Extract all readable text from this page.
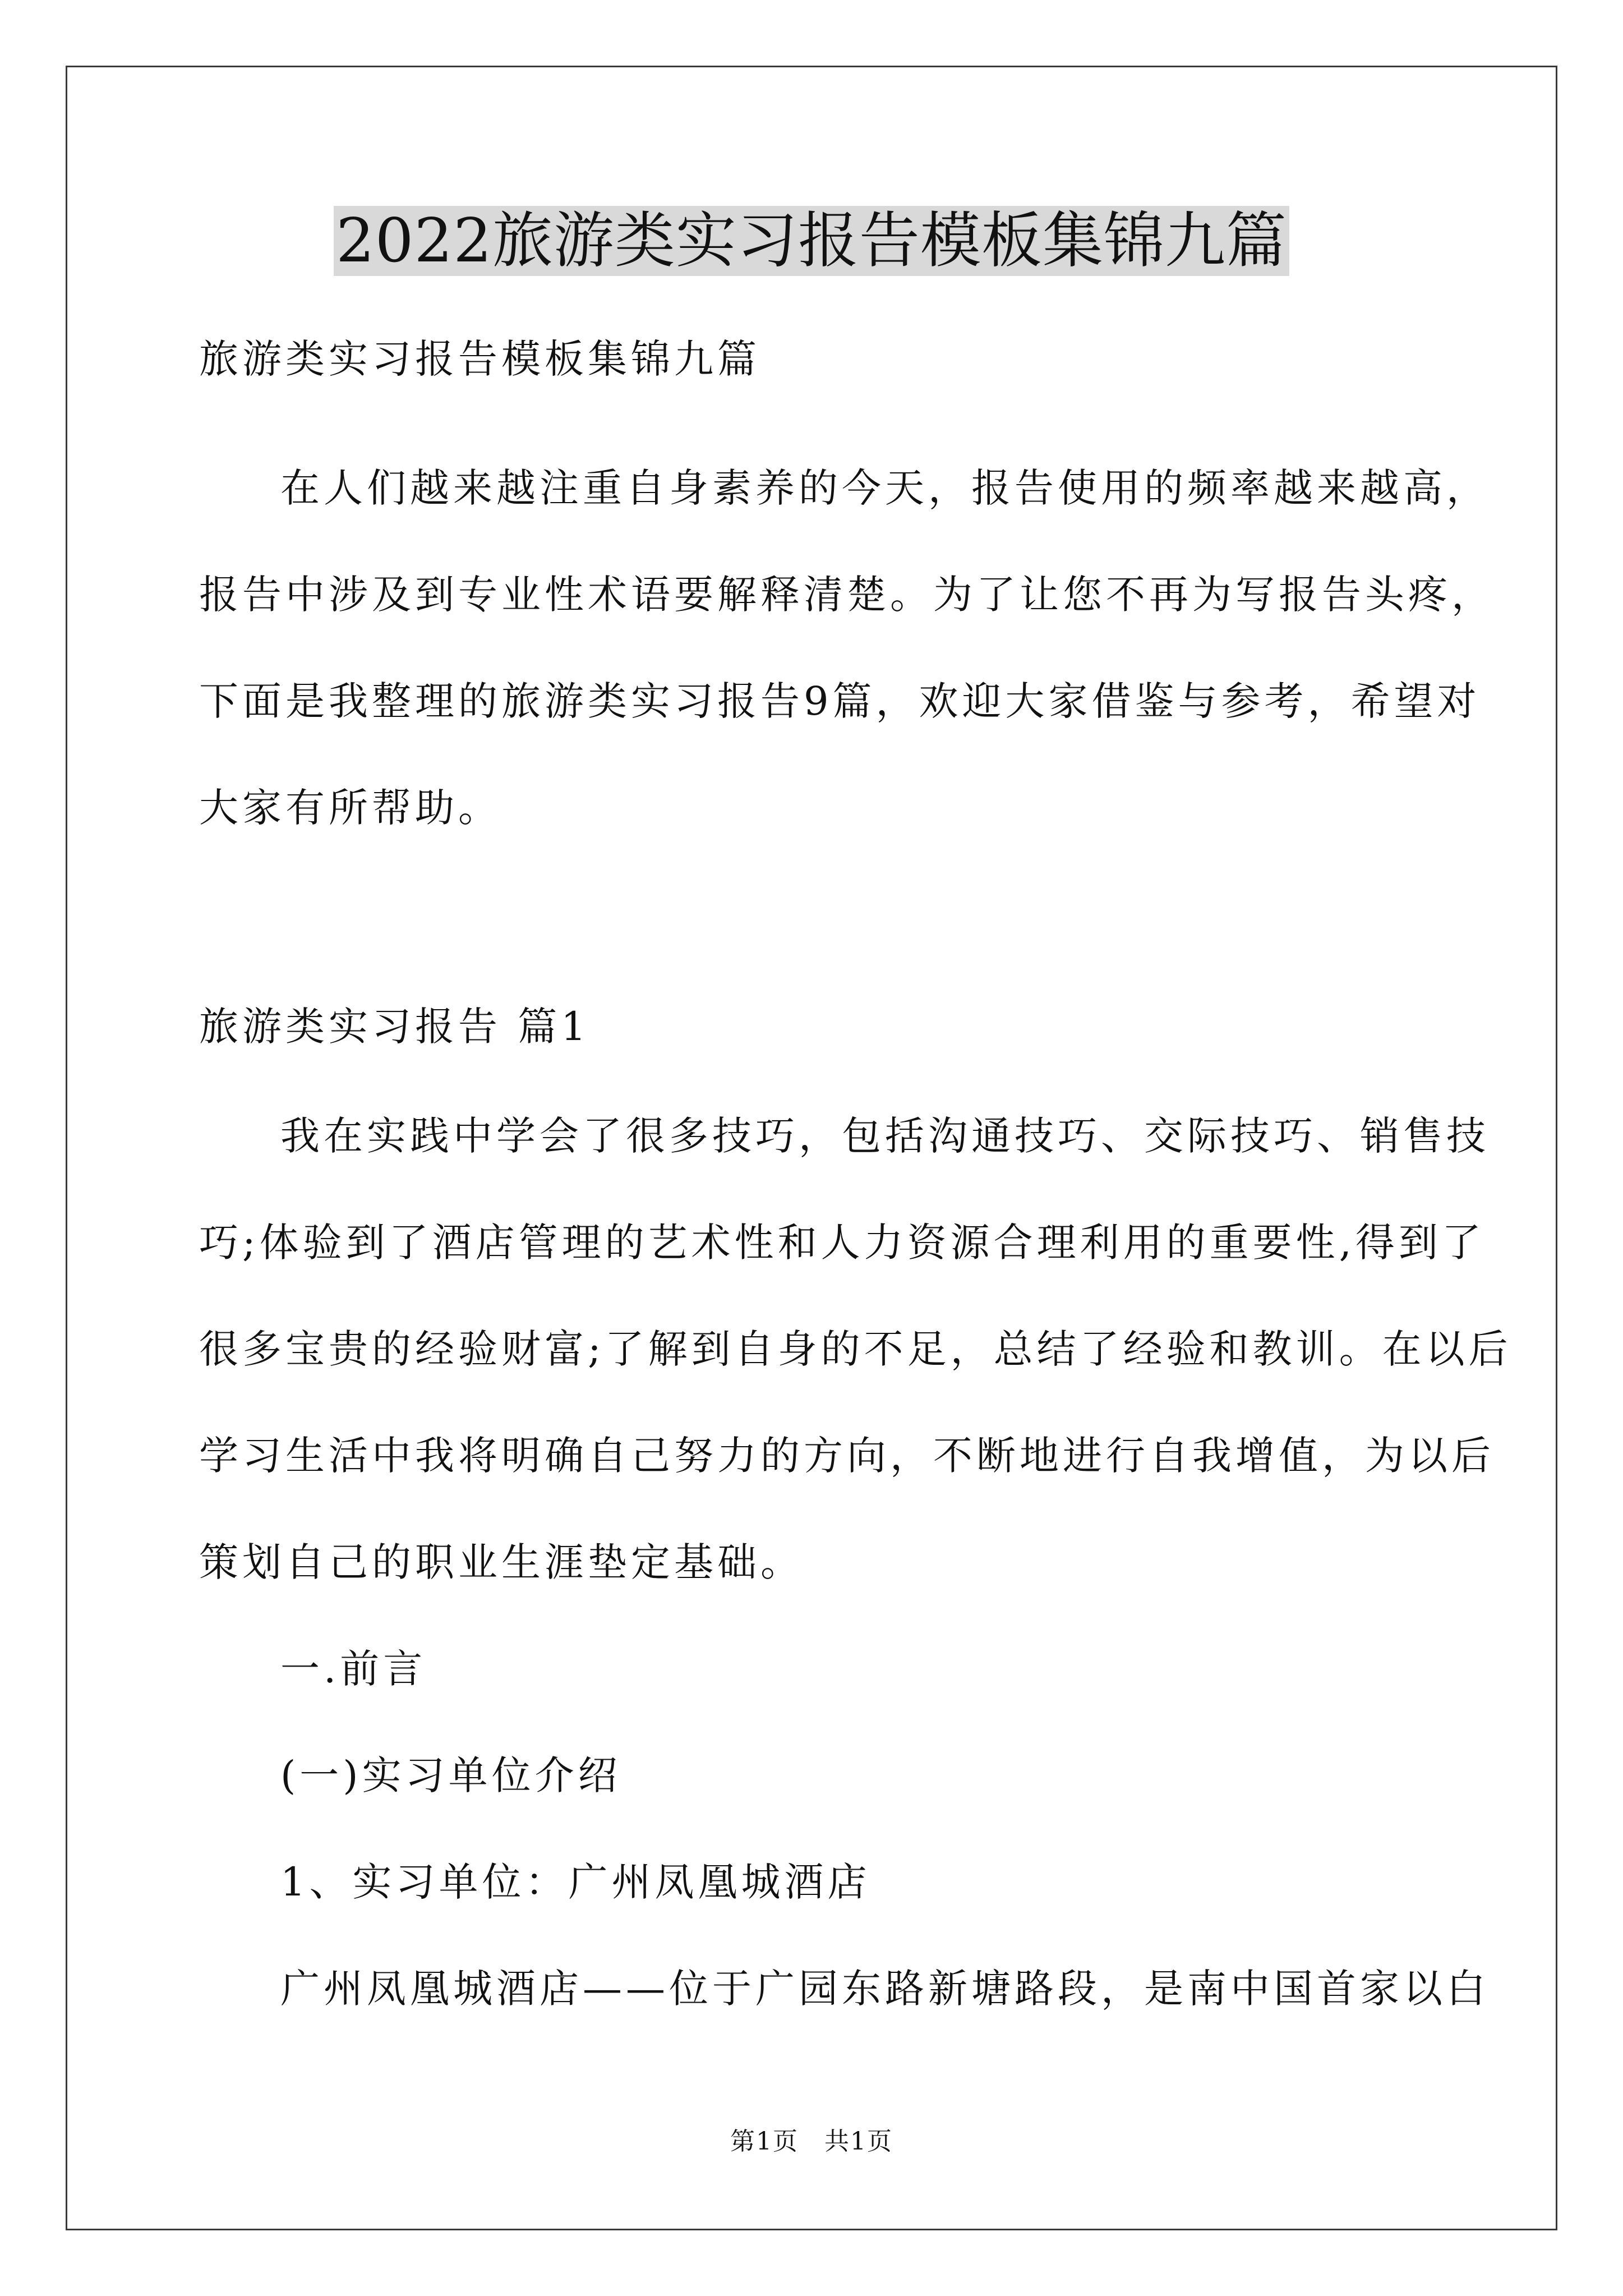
2022旅游类实习报告模板集锦九篇
旅游类实习报告模板集锦九篇
在人们越来越注重自身素养的今天，报告使用的频率越来越高，
报告中涉及到专业性术语要解释清楚。为了让您不再为写报告头疼，
下面是我整理的旅游类实习报告9篇，欢迎大家借鉴与参考，希望对
大家有所帮助。
旅游类实习报告 篇1
我在实践中学会了很多技巧，包括沟通技巧、交际技巧、销售技
巧;体验到了酒店管理的艺术性和人力资源合理利用的重要性,得到了
很多宝贵的经验财富;了解到自身的不足，总结了经验和教训。在以后
学习生活中我将明确自己努力的方向，不断地进行自我增值，为以后
策划自己的职业生涯垫定基础。
一.前言
(一)实习单位介绍
1、实习单位：广州凤凰城酒店
广州凤凰城酒店——位于广园东路新塘路段，是南中国首家以白
第1页　共1页
